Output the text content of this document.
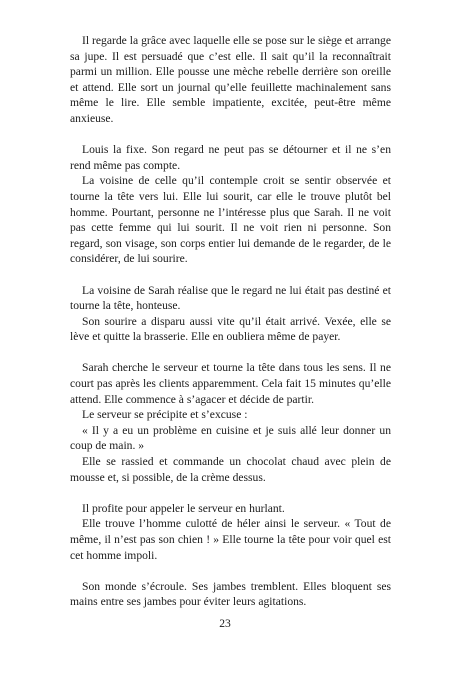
Il regarde la grâce avec laquelle elle se pose sur le siège et arrange sa jupe. Il est persuadé que c’est elle. Il sait qu’il la reconnaîtrait parmi un million. Elle pousse une mèche rebelle derrière son oreille et attend. Elle sort un journal qu’elle feuillette machinalement sans même le lire. Elle semble impatiente, excitée, peut-être même anxieuse.

Louis la fixe. Son regard ne peut pas se détourner et il ne s’en rend même pas compte.

La voisine de celle qu’il contemple croit se sentir observée et tourne la tête vers lui. Elle lui sourit, car elle le trouve plutôt bel homme. Pourtant, personne ne l’intéresse plus que Sarah. Il ne voit pas cette femme qui lui sourit. Il ne voit rien ni personne. Son regard, son visage, son corps entier lui demande de le regarder, de le considérer, de lui sourire.

La voisine de Sarah réalise que le regard ne lui était pas destiné et tourne la tête, honteuse.

Son sourire a disparu aussi vite qu’il était arrivé. Vexée, elle se lève et quitte la brasserie. Elle en oubliera même de payer.

Sarah cherche le serveur et tourne la tête dans tous les sens. Il ne court pas après les clients apparemment. Cela fait 15 minutes qu’elle attend. Elle commence à s’agacer et décide de partir.

Le serveur se précipite et s’excuse :

« Il y a eu un problème en cuisine et je suis allé leur donner un coup de main. »

Elle se rassied et commande un chocolat chaud avec plein de mousse et, si possible, de la crème dessus.

Il profite pour appeler le serveur en hurlant.

Elle trouve l’homme culotté de héler ainsi le serveur. « Tout de même, il n’est pas son chien ! » Elle tourne la tête pour voir quel est cet homme impoli.

Son monde s’écroule. Ses jambes tremblent. Elles bloquent ses mains entre ses jambes pour éviter leurs agitations.

23
